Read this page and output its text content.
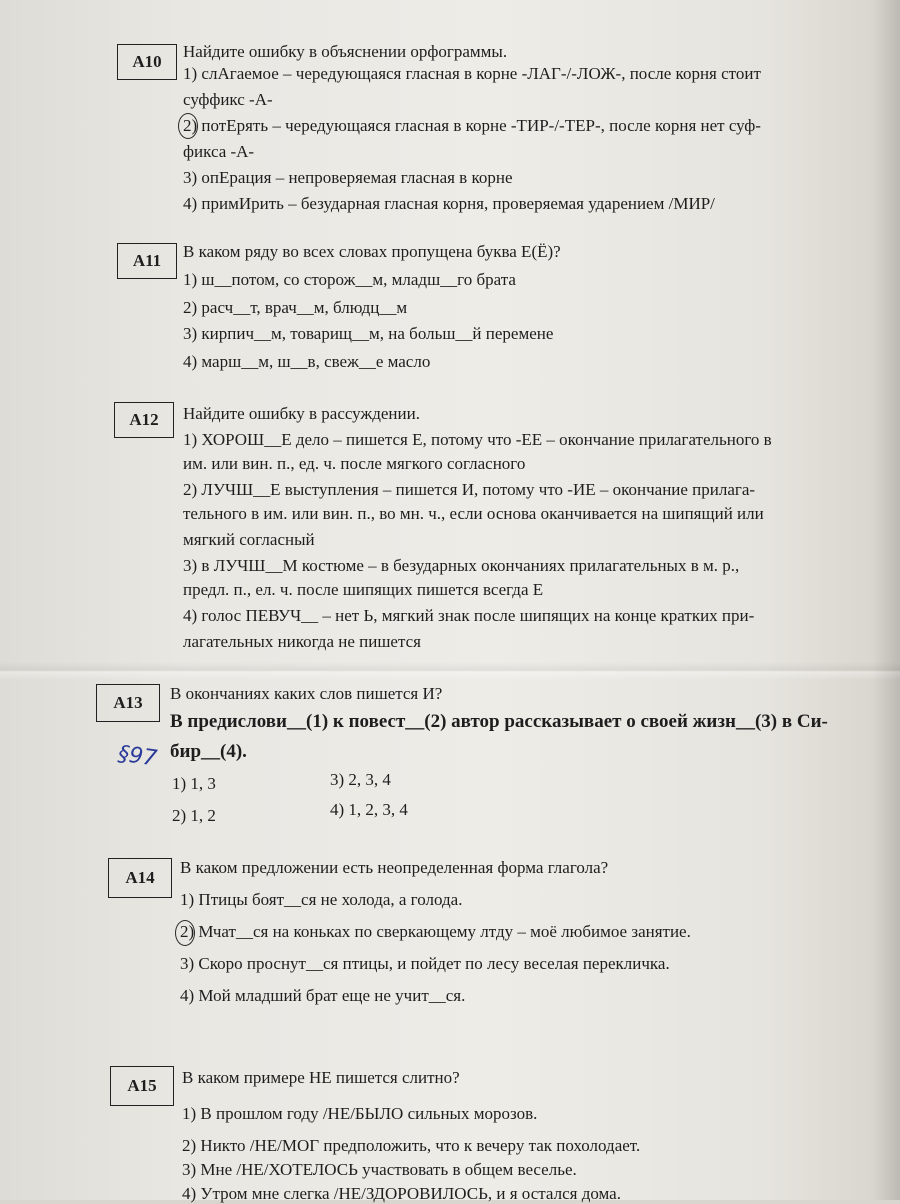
A10
Найдите ошибку в объяснении орфограммы.
1) слАгаемое – чередующаяся гласная в корне -ЛАГ-/-ЛОЖ-, после корня стоит
суффикс -А-
2) потЕрять – чередующаяся гласная в корне -ТИР-/-ТЕР-, после корня нет суф-
фикса -А-
3) опЕрация – непроверяемая гласная в корне
4) примИрить – безударная гласная корня, проверяемая ударением /МИР/
A11	В каком ряду во всех словах пропущена буква Е(Ё)?
1) ш__потом, со сторож__м, младш__го брата
2) расч__т, врач__м, блюдц__м
3) кирпич__м, товарищ__м, на больш__й перемене
4) марш__м, ш__в, свеж__е масло
A12	Найдите ошибку в рассуждении.
1) ХОРОШ__Е дело – пишется Е, потому что -ЕЕ – окончание прилагательного в
им. или вин. п., ед. ч. после мягкого согласного
2) ЛУЧШ__Е выступления – пишется И, потому что -ИЕ – окончание прилага-
тельного в им. или вин. п., во мн. ч., если основа оканчивается на шипящий или
мягкий согласный
3) в ЛУЧШ__М костюме – в безударных окончаниях прилагательных в м. р.,
предл. п., ел. ч. после шипящих пишется всегда Е
4) голос ПЕВУЧ__ – нет Ь, мягкий знак после шипящих на конце кратких при-
лагательных никогда не пишется
A13	В окончаниях каких слов пишется И?
В предислови__(1) к повест__(2) автор рассказывает о своей жизн__(3) в Си-
бир__(4).
§97
1) 1, 3	3) 2, 3, 4
2) 1, 2	4) 1, 2, 3, 4
A14
В каком предложении есть неопределенная форма глагола?
1) Птицы боят__ся не холода, а голода.
2) Мчат__ся на коньках по сверкающему лтду – моё любимое занятие.
3) Скоро проснут__ся птицы, и пойдет по лесу веселая перекличка.
4) Мой младший брат еще не учит__ся.
A15	В каком примере НЕ пишется слитно?
1) В прошлом году /НЕ/БЫЛО сильных морозов.
2) Никто /НЕ/МОГ предположить, что к вечеру так похолодает.
3) Мне /НЕ/ХОТЕЛОСЬ участвовать в общем веселье.
4) Утром мне слегка /НЕ/ЗДОРОВИЛОСЬ, и я остался дома.
